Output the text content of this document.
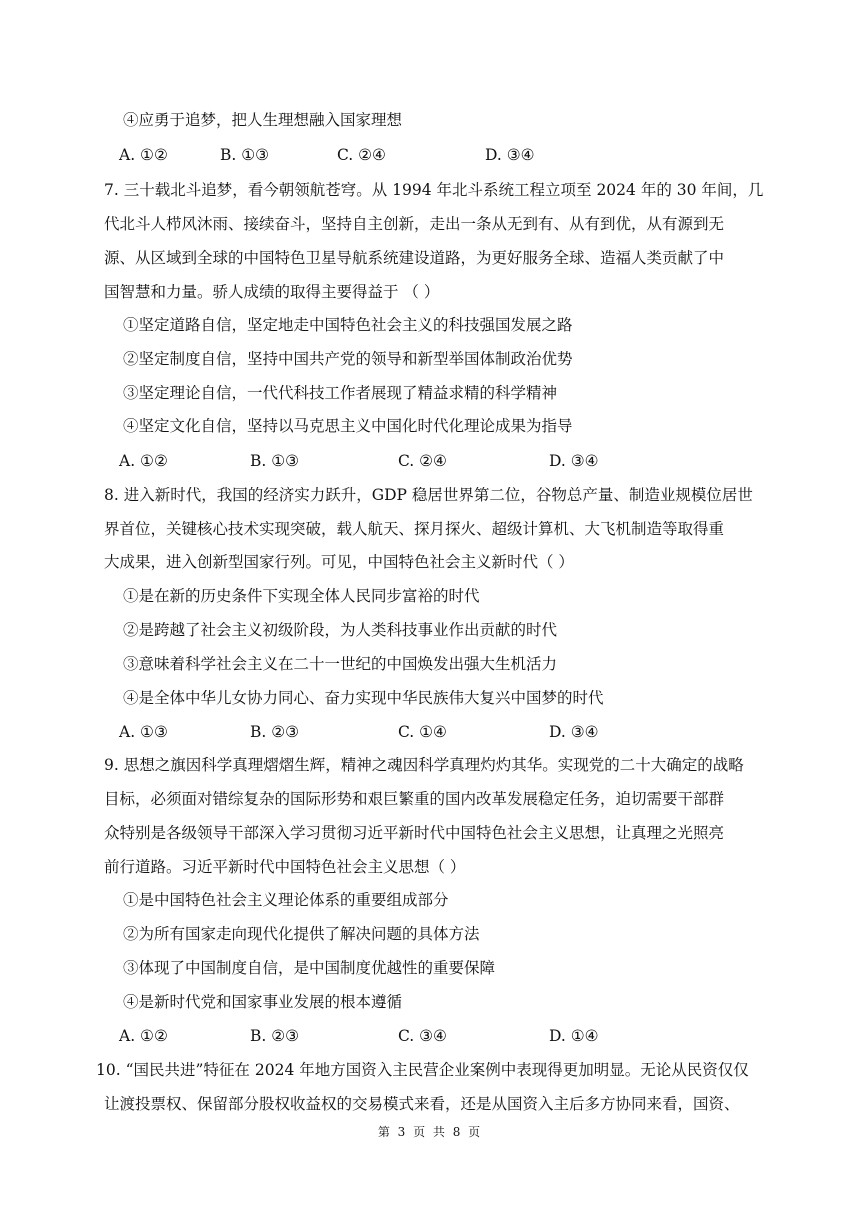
④应勇于追梦，把人生理想融入国家理想
A. ①②	B. ①③	C. ②④	D. ③④
7. 三十载北斗追梦，看今朝领航苍穹。从 1994 年北斗系统工程立项至 2024 年的 30 年间，几
代北斗人栉风沐雨、接续奋斗，坚持自主创新，走出一条从无到有、从有到优，从有源到无
源、从区域到全球的中国特色卫星导航系统建设道路，为更好服务全球、造福人类贡献了中
国智慧和力量。骄人成绩的取得主要得益于 （ ）
①坚定道路自信，坚定地走中国特色社会主义的科技强国发展之路
②坚定制度自信，坚持中国共产党的领导和新型举国体制政治优势
③坚定理论自信，一代代科技工作者展现了精益求精的科学精神
④坚定文化自信，坚持以马克思主义中国化时代化理论成果为指导
A. ①②	B. ①③	C. ②④	D. ③④
8. 进入新时代，我国的经济实力跃升，GDP 稳居世界第二位，谷物总产量、制造业规模位居世
界首位，关键核心技术实现突破，载人航天、探月探火、超级计算机、大飞机制造等取得重
大成果，进入创新型国家行列。可见，中国特色社会主义新时代（ ）
①是在新的历史条件下实现全体人民同步富裕的时代
②是跨越了社会主义初级阶段，为人类科技事业作出贡献的时代
③意味着科学社会主义在二十一世纪的中国焕发出强大生机活力
④是全体中华儿女协力同心、奋力实现中华民族伟大复兴中国梦的时代
A. ①③	B. ②③	C. ①④	D. ③④
9. 思想之旗因科学真理熠熠生辉，精神之魂因科学真理灼灼其华。实现党的二十大确定的战略
目标，必须面对错综复杂的国际形势和艰巨繁重的国内改革发展稳定任务，迫切需要干部群
众特别是各级领导干部深入学习贯彻习近平新时代中国特色社会主义思想，让真理之光照亮
前行道路。习近平新时代中国特色社会主义思想（ ）
①是中国特色社会主义理论体系的重要组成部分
②为所有国家走向现代化提供了解决问题的具体方法
③体现了中国制度自信，是中国制度优越性的重要保障
④是新时代党和国家事业发展的根本遵循
A. ①②	B. ②③	C. ③④	D. ①④
10. “国民共进”特征在 2024 年地方国资入主民营企业案例中表现得更加明显。无论从民资仅仅
让渡投票权、保留部分股权收益权的交易模式来看，还是从国资入主后多方协同来看，国资、
第 3 页 共 8 页
